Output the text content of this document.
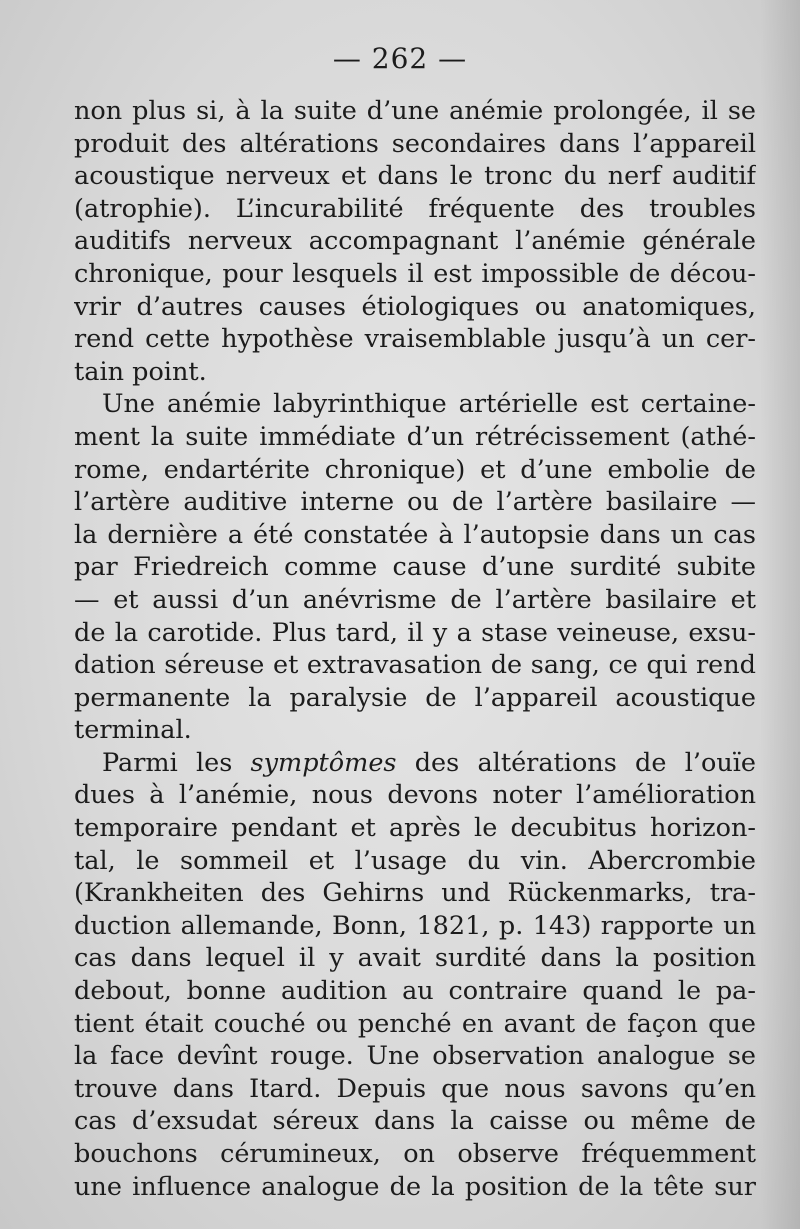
— 262 —
non plus si, à la suite d’une anémie prolongée, il se
produit des altérations secondaires dans l’appareil
acoustique nerveux et dans le tronc du nerf auditif
(atrophie). L’incurabilité fréquente des troubles
auditifs nerveux accompagnant l’anémie générale
chronique, pour lesquels il est impossible de décou-
vrir d’autres causes étiologiques ou anatomiques,
rend cette hypothèse vraisemblable jusqu’à un cer-
tain point.
Une anémie labyrinthique artérielle est certaine-
ment la suite immédiate d’un rétrécissement (athé-
rome, endartérite chronique) et d’une embolie de
l’artère auditive interne ou de l’artère basilaire —
la dernière a été constatée à l’autopsie dans un cas
par Friedreich comme cause d’une surdité subite
— et aussi d’un anévrisme de l’artère basilaire et
de la carotide. Plus tard, il y a stase veineuse, exsu-
dation séreuse et extravasation de sang, ce qui rend
permanente la paralysie de l’appareil acoustique
terminal.
Parmi les symptômes des altérations de l’ouïe
dues à l’anémie, nous devons noter l’amélioration
temporaire pendant et après le decubitus horizon-
tal, le sommeil et l’usage du vin. Abercrombie
(Krankheiten des Gehirns und Rückenmarks, tra-
duction allemande, Bonn, 1821, p. 143) rapporte un
cas dans lequel il y avait surdité dans la position
debout, bonne audition au contraire quand le pa-
tient était couché ou penché en avant de façon que
la face devînt rouge. Une observation analogue se
trouve dans Itard. Depuis que nous savons qu’en
cas d’exsudat séreux dans la caisse ou même de
bouchons cérumineux, on observe fréquemment
une influence analogue de la position de la tête sur
